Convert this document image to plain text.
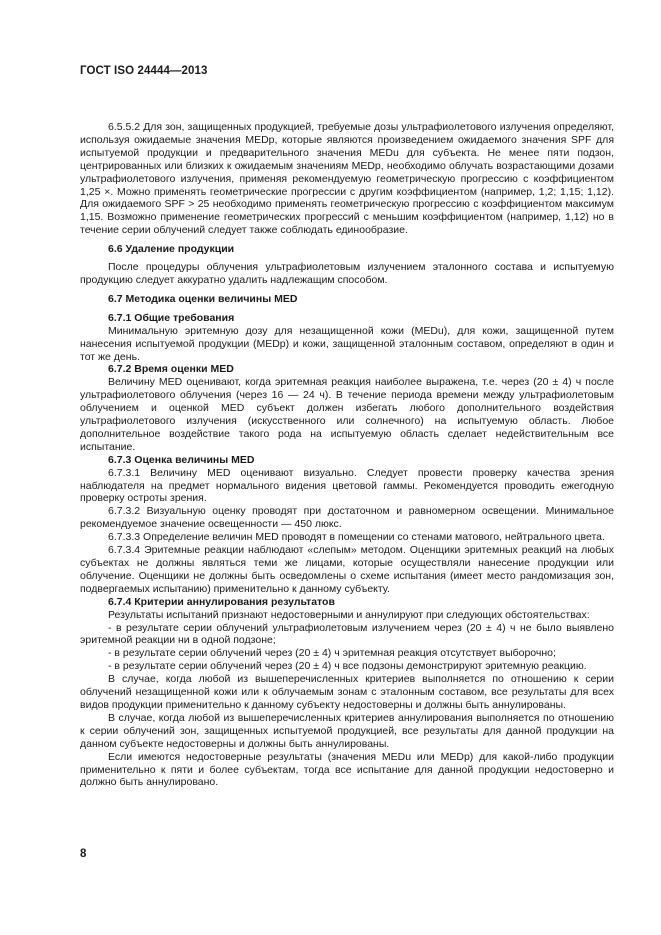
ГОСТ ISO 24444—2013

6.5.5.2 Для зон, защищенных продукцией, требуемые дозы ультрафиолетового излучения определяют, используя ожидаемые значения MEDp, которые являются произведением ожидаемого значения SPF для испытуемой продукции и предварительного значения MEDu для субъекта. Не менее пяти подзон, центрированных или близких к ожидаемым значениям MEDp, необходимо облучать возрастающими дозами ультрафиолетового излучения, применяя рекомендуемую геометрическую прогрессию с коэффициентом 1,25 ×. Можно применять геометрические прогрессии с другим коэффициентом (например, 1,2; 1,15; 1,12). Для ожидаемого SPF > 25 необходимо применять геометрическую прогрессию с коэффициентом максимум 1,15. Возможно применение геометрических прогрессий с меньшим коэффициентом (например, 1,12) но в течение серии облучений следует также соблюдать единообразие.

6.6 Удаление продукции

После процедуры облучения ультрафиолетовым излучением эталонного состава и испытуемую продукцию следует аккуратно удалить надлежащим способом.

6.7 Методика оценки величины MED

6.7.1 Общие требования

Минимальную эритемную дозу для незащищенной кожи (MEDu), для кожи, защищенной путем нанесения испытуемой продукции (MEDp) и кожи, защищенной эталонным составом, определяют в один и тот же день.

6.7.2 Время оценки MED

Величину MED оценивают, когда эритемная реакция наиболее выражена, т.е. через (20 ± 4) ч после ультрафиолетового облучения (через 16 — 24 ч). В течение периода времени между ультрафиолетовым облучением и оценкой MED субъект должен избегать любого дополнительного воздействия ультрафиолетового излучения (искусственного или солнечного) на испытуемую область. Любое дополнительное воздействие такого рода на испытуемую область сделает недействительным все испытание.

6.7.3 Оценка величины MED

6.7.3.1 Величину MED оценивают визуально. Следует провести проверку качества зрения наблюдателя на предмет нормального видения цветовой гаммы. Рекомендуется проводить ежегодную проверку остроты зрения.

6.7.3.2 Визуальную оценку проводят при достаточном и равномерном освещении. Минимальное рекомендуемое значение освещенности — 450 люкс.

6.7.3.3 Определение величин MED проводят в помещении со стенами матового, нейтрального цвета.

6.7.3.4 Эритемные реакции наблюдают «слепым» методом. Оценщики эритемных реакций на любых субъектах не должны являться теми же лицами, которые осуществляли нанесение продукции или облучение. Оценщики не должны быть осведомлены о схеме испытания (имеет место рандомизация зон, подвергаемых испытанию) применительно к данному субъекту.

6.7.4 Критерии аннулирования результатов

Результаты испытаний признают недостоверными и аннулируют при следующих обстоятельствах:

- в результате серии облучений ультрафиолетовым излучением через (20 ± 4) ч не было выявлено эритемной реакции ни в одной подзоне;

- в результате серии облучений через (20 ± 4) ч эритемная реакция отсутствует выборочно;

- в результате серии облучений через (20 ± 4) ч все подзоны демонстрируют эритемную реакцию.

В случае, когда любой из вышеперечисленных критериев выполняется по отношению к серии облучений незащищенной кожи или к облучаемым зонам с эталонным составом, все результаты для всех видов продукции применительно к данному субъекту недостоверны и должны быть аннулированы.

В случае, когда любой из вышеперечисленных критериев аннулирования выполняется по отношению к серии облучений зон, защищенных испытуемой продукцией, все результаты для данной продукции на данном субъекте недостоверны и должны быть аннулированы.

Если имеются недостоверные результаты (значения MEDu или MEDp) для какой-либо продукции применительно к пяти и более субъектам, тогда все испытание для данной продукции недостоверно и должно быть аннулировано.

8
